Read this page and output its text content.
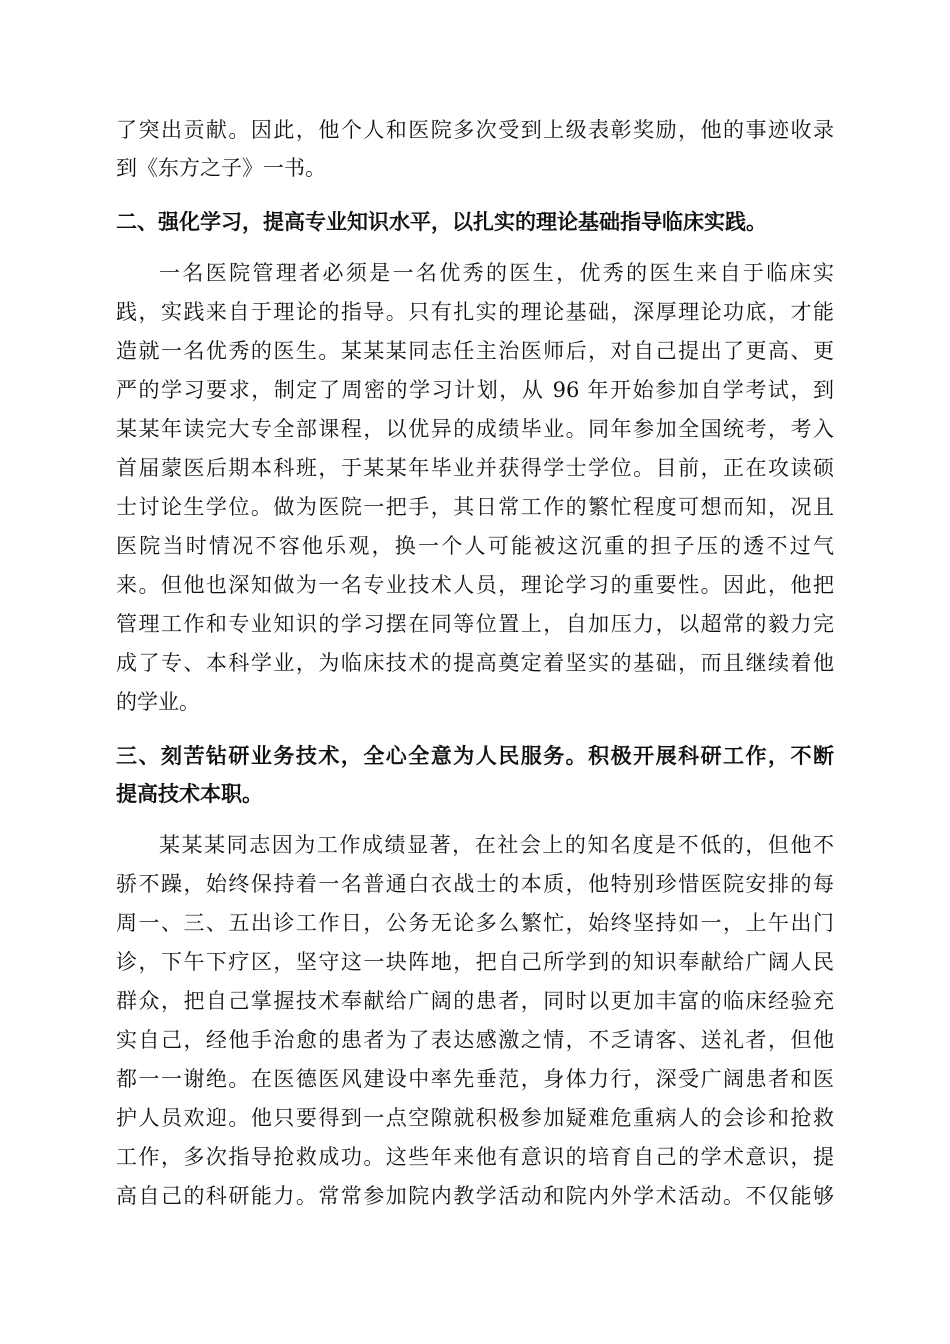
了突出贡献。因此，他个人和医院多次受到上级表彰奖励，他的事迹收录
到《东方之子》一书。
二、强化学习，提高专业知识水平，以扎实的理论基础指导临床实践。
一名医院管理者必须是一名优秀的医生，优秀的医生来自于临床实
践，实践来自于理论的指导。只有扎实的理论基础，深厚理论功底，才能
造就一名优秀的医生。某某某同志任主治医师后，对自己提出了更高、更
严的学习要求，制定了周密的学习计划，从 96 年开始参加自学考试，到
某某年读完大专全部课程，以优异的成绩毕业。同年参加全国统考，考入
首届蒙医后期本科班，于某某年毕业并获得学士学位。目前，正在攻读硕
士讨论生学位。做为医院一把手，其日常工作的繁忙程度可想而知，况且
医院当时情况不容他乐观，换一个人可能被这沉重的担子压的透不过气
来。但他也深知做为一名专业技术人员，理论学习的重要性。因此，他把
管理工作和专业知识的学习摆在同等位置上，自加压力，以超常的毅力完
成了专、本科学业，为临床技术的提高奠定着坚实的基础，而且继续着他
的学业。
三、刻苦钻研业务技术，全心全意为人民服务。积极开展科研工作，不断
提高技术本职。
某某某同志因为工作成绩显著，在社会上的知名度是不低的，但他不
骄不躁，始终保持着一名普通白衣战士的本质，他特别珍惜医院安排的每
周一、三、五出诊工作日，公务无论多么繁忙，始终坚持如一，上午出门
诊，下午下疗区，坚守这一块阵地，把自己所学到的知识奉献给广阔人民
群众，把自己掌握技术奉献给广阔的患者，同时以更加丰富的临床经验充
实自己，经他手治愈的患者为了表达感激之情，不乏请客、送礼者，但他
都一一谢绝。在医德医风建设中率先垂范，身体力行，深受广阔患者和医
护人员欢迎。他只要得到一点空隙就积极参加疑难危重病人的会诊和抢救
工作，多次指导抢救成功。这些年来他有意识的培育自己的学术意识，提
高自己的科研能力。常常参加院内教学活动和院内外学术活动。不仅能够
